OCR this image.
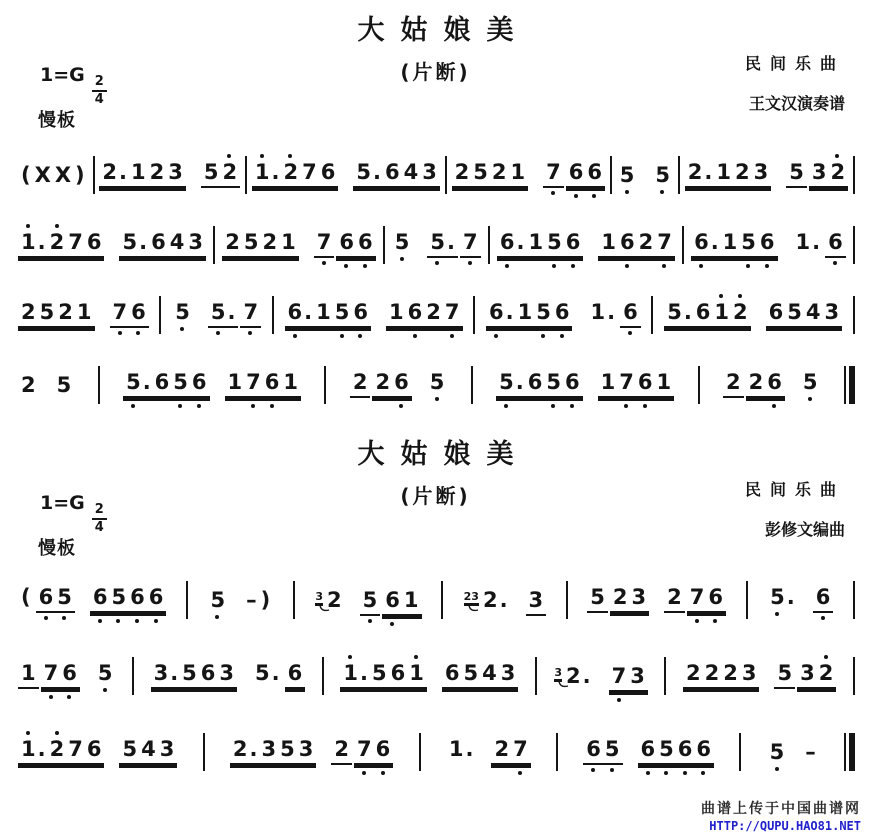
大姑娘美
(片断)	民间乐曲
王文汉演奏谱
$1=G \frac{2}{4}$
慢板
( X X ) 2. 1 2 3 5 2 1. 2 7 6 5. 6 4 3 2 5 2 1 7 6 6 5 5 2. 1 2 3 5 3 2
1. 2 7 6 5. 6 4 3 2 5 2 1 7 6 6 5 5. 7 6. 1 5 6 1 6 2 7 6. 1 5 6 1. 6
2 5 2 1 7 6 5 5. 7 6. 1 5 6 1 6 2 7 6. 1 5 6 1. 6 5. 6 1 2 6 5 4 3
2 5	5. 6 5 6 1 7 6 1	2 2 6 5	5. 6 5 6 1 7 6 1	2 2 6 5
大姑娘美
(片断)	民间乐曲
彭修文编曲
$1=G \frac{2}{4}$
慢板
( 6 5 6 5 6 6 5 – )	3 2 5 6 1	23 2. 3 5 2 3 2 7 6 5. 6
1 7 6 5 3. 5 6 3 5. 6 1. 5 6 1 6 5 4 3	3 2. 7 3 2 2 2 3 5 3 2
1. 2 7 6 5 4 3	2. 3 5 3 2 7 6	1. 2 7	6 5 6 5 6 6	5 –
曲谱上传于中国曲谱网
HTTP://QUPU.HAO81.NET
